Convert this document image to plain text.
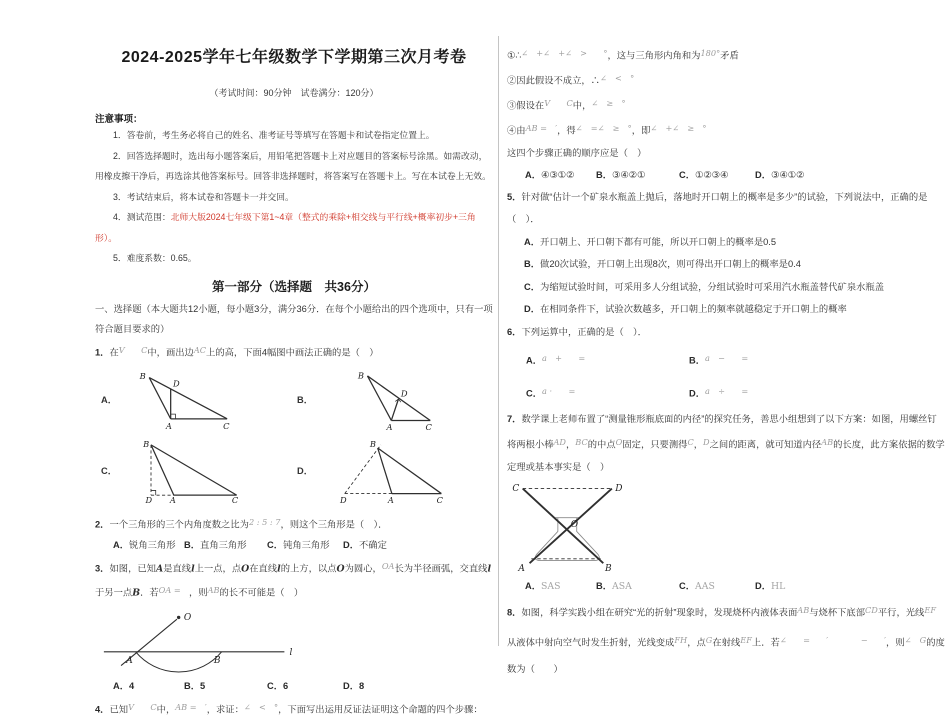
2024-2025学年七年级数学下学期第三次月考卷
（考试时间：90分钟　试卷满分：120分）
注意事项：
1．答卷前，考生务必将自己的姓名、准考证号等填写在答题卡和试卷指定位置上。
2．回答选择题时，选出每小题答案后，用铅笔把答题卡上对应题目的答案标号涂黑。如需改动，用橡皮擦干净后，再选涂其他答案标号。回答非选择题时，将答案写在答题卡上。写在本试卷上无效。
3．考试结束后，将本试卷和答题卡一并交回。
4．测试范围：北师大版2024七年级下第1~4章（整式的乘除+相交线与平行线+概率初步+三角形）。
5．难度系数：0.65。
第一部分（选择题　共36分）
一、选择题（本大题共12小题，每小题3分，满分36分．在每个小题给出的四个选项中，只有一项符合题目要求的）
1．在V　　C中，画出边AC上的高，下面4幅图中画法正确的是（　）
A．
B
D
A	C
B．
B
D
A	C
C．
B
D A	C
D．
B
D	A	C
2．一个三角形的三个内角度数之比为2 : 5 : 7，则这个三角形是（　）．
A．锐角三角形 B．直角三角形	C．钝角三角形	D．不确定
3．如图，已知A是直线l上一点，点O在直线l的上方，以点O为圆心，OA长为半径画弧，交直线l于另一点B．若OA =　，则AB的长不可能是（　）
A	B
l
O
A．4	B．5	C．6	D．8
4．已知V　　C中，AB =　′，求证：∠　<　°，下面写出运用反证法证明这个命题的四个步骤：
①∴∠　+∠　+∠　>　　°，这与三角形内角和为180°矛盾
②因此假设不成立，∴∠　<　°
③假设在V　　C中，∠　≥　°
④由AB =　′，得∠　=∠　≥　°，即∠　+∠　≥　°
这四个步骤正确的顺序应是（　）
A．④③①②	B．③④②①	C．①②③④	D．③④①②
5．针对做“估计一个矿泉水瓶盖上抛后，落地时开口朝上的概率是多少”的试验，下列说法中，正确的是（　）．
A．开口朝上、开口朝下都有可能，所以开口朝上的概率是0.5
B．做20次试验，开口朝上出现8次，则可得出开口朝上的概率是0.4
C．为缩短试验时间，可采用多人分组试验，分组试验时可采用汽水瓶盖替代矿泉水瓶盖
D．在相同条件下，试验次数越多，开口朝上的频率就越稳定于开口朝上的概率
6．下列运算中，正确的是（　）．
A．a　+　　=	B．a　−　　=
C．a ·　　=	D．a　÷　　=
7．数学课上老师布置了“测量锥形瓶底面的内径”的探究任务，善思小组想到了以下方案：如图，用螺丝钉将两根小棒AD，BC的中点O固定，只要测得C，D之间的距离，就可知道内径AB的长度，此方案依据的数学定理或基本事实是（　）
C	D
O
A	B
A．SAS	B．ASA	C．AAS	D．HL
8．如图，科学实践小组在研究“光的折射”现象时，发现烧杯内液体表面AB与烧杯下底部CD平行，光线EF从液体中射向空气时发生折射，光线变成FH，点G在射线EF上．若∠　　=　　′　　　　−　　′，则∠　G的度数为（　　）
